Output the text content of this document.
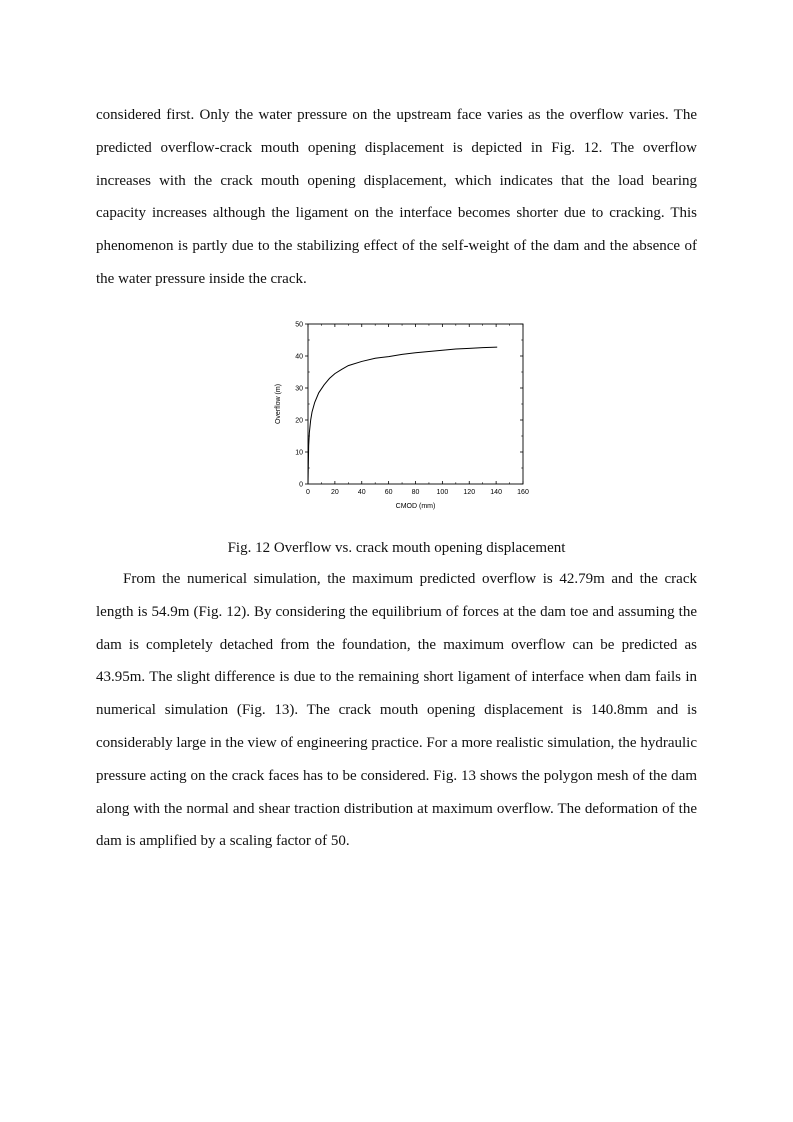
considered first. Only the water pressure on the upstream face varies as the overflow varies. The predicted overflow-crack mouth opening displacement is depicted in Fig. 12. The overflow increases with the crack mouth opening displacement, which indicates that the load bearing capacity increases although the ligament on the interface becomes shorter due to cracking. This phenomenon is partly due to the stabilizing effect of the self-weight of the dam and the absence of the water pressure inside the crack.

0	20	40	60	80 100 120 140 160
0
10
20
30
40
50
CMOD (mm)
Overflow (m)
Fig. 12 Overflow vs. crack mouth opening displacement

From the numerical simulation, the maximum predicted overflow is 42.79m and the crack length is 54.9m (Fig. 12). By considering the equilibrium of forces at the dam toe and assuming the dam is completely detached from the foundation, the maximum overflow can be predicted as 43.95m. The slight difference is due to the remaining short ligament of interface when dam fails in numerical simulation (Fig. 13). The crack mouth opening displacement is 140.8mm and is considerably large in the view of engineering practice. For a more realistic simulation, the hydraulic pressure acting on the crack faces has to be considered. Fig. 13 shows the polygon mesh of the dam along with the normal and shear traction distribution at maximum overflow. The deformation of the dam is amplified by a scaling factor of 50.
